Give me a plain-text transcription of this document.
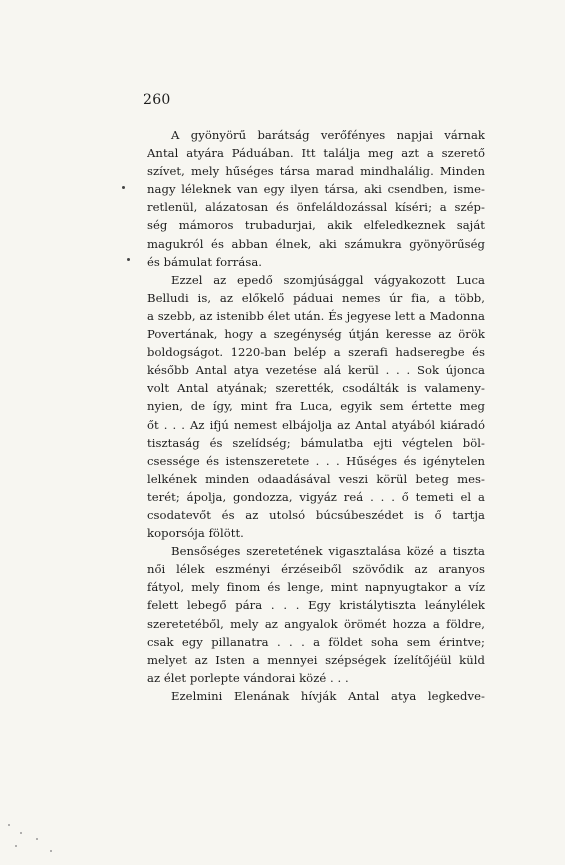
260
A gyönyörű barátság verőfényes napjai várnak
Antal atyára Páduában. Itt találja meg azt a szerető
szívet, mely hűséges társa marad mindhalálig. Minden
nagy léleknek van egy ilyen társa, aki csendben, isme-
retlenül, alázatosan és önfeláldozással kíséri; a szép-
ség mámoros trubadurjai, akik elfeledkeznek saját
magukról és abban élnek, aki számukra gyönyörűség
és bámulat forrása.
Ezzel az epedő szomjúsággal vágyakozott Luca
Belludi is, az előkelő páduai nemes úr fia, a több,
a szebb, az istenibb élet után. És jegyese lett a Madonna
Povertának, hogy a szegénység útján keresse az örök
boldogságot. 1220-ban belép a szerafi hadseregbe és
később Antal atya vezetése alá kerül . . . Sok újonca
volt Antal atyának; szerették, csodálták is valameny-
nyien, de így, mint fra Luca, egyik sem értette meg
őt . . . Az ifjú nemest elbájolja az Antal atyából kiáradó
tisztaság és szelídség; bámulatba ejti végtelen böl-
csessége és istenszeretete . . . Hűséges és igénytelen
lelkének minden odaadásával veszi körül beteg mes-
terét; ápolja, gondozza, vigyáz reá . . . ő temeti el a
csodatevőt és az utolsó búcsúbeszédet is ő tartja
koporsója fölött.
Bensőséges szeretetének vigasztalása közé a tiszta
női lélek eszményi érzéseiből szövődik az aranyos
fátyol, mely finom és lenge, mint napnyugtakor a víz
felett lebegő pára . . . Egy kristálytiszta leánylélek
szeretetéből, mely az angyalok örömét hozza a földre,
csak egy pillanatra . . . a földet soha sem érintve;
melyet az Isten a mennyei szépségek ízelítőjéül küld
az élet porlepte vándorai közé . . .
Ezelmini Elenának hívják Antal atya legkedve-
